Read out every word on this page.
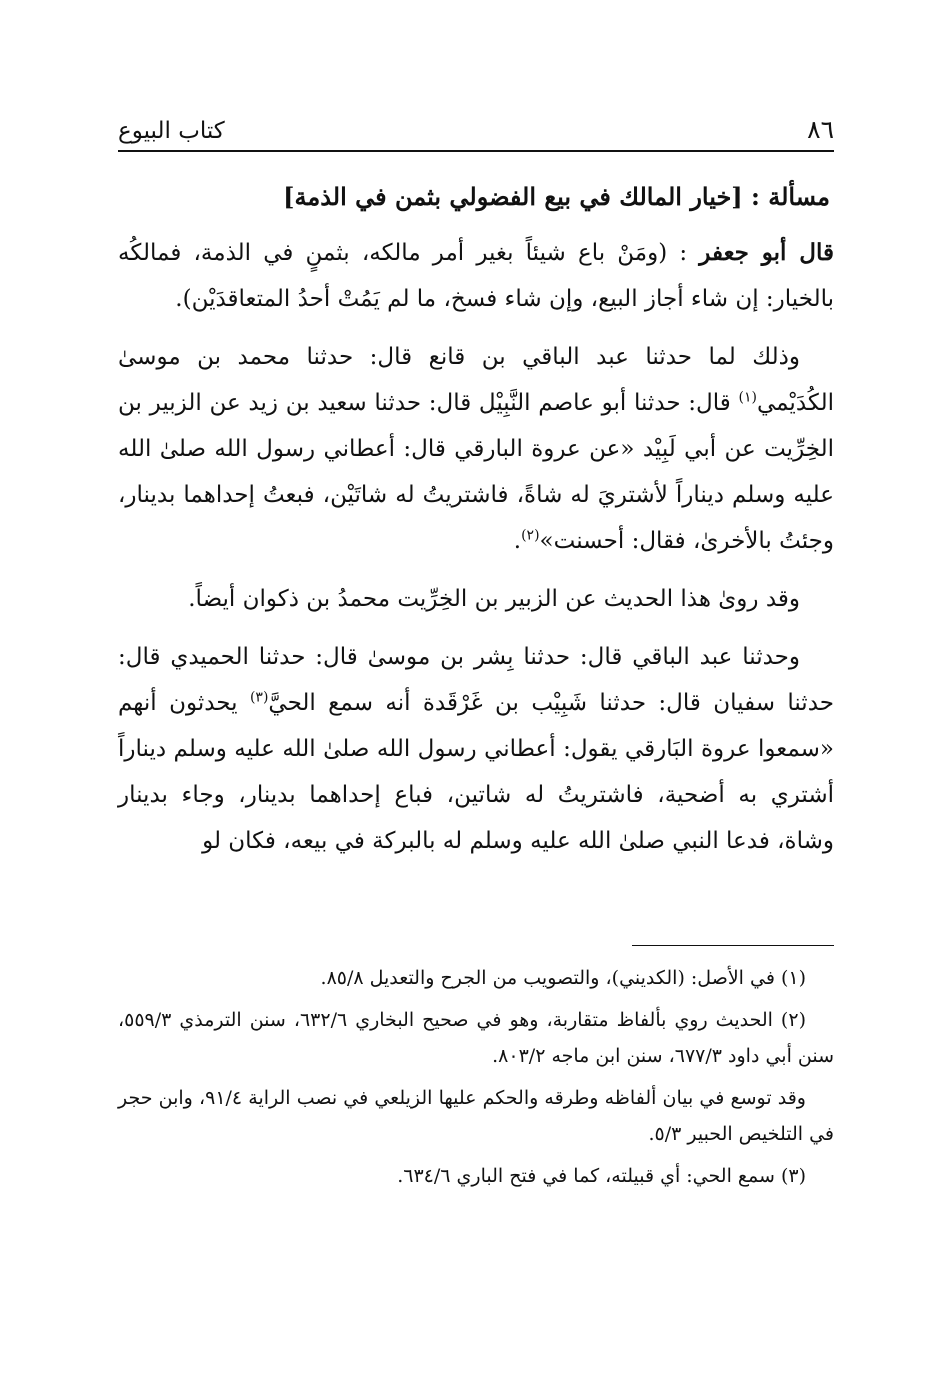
٨٦
كتاب البيوع
مسألة : [خيار المالك في بيع الفضولي بثمن في الذمة]

قال أبو جعفر : (ومَنْ باع شيئاً بغير أمر مالكه، بثمنٍ في الذمة، فمالكُه بالخيار: إن شاء أجاز البيع، وإن شاء فسخ، ما لم يَمُتْ أحدُ المتعاقدَيْن).

وذلك لما حدثنا عبد الباقي بن قانع قال: حدثنا محمد بن موسىٰ الكُدَيْمي$^{(١)}$ قال: حدثنا أبو عاصم النَّبِيْل قال: حدثنا سعيد بن زيد عن الزبير بن الخِرِّيت عن أبي لَبِيْد «عن عروة البارقي قال: أعطاني رسول الله صلىٰ الله عليه وسلم ديناراً لأشتريَ له شاةً، فاشتريتُ له شاتَيْن، فبعتُ إحداهما بدينار، وجئتُ بالأخرىٰ، فقال: أحسنت»$^{(٢)}$.

وقد روىٰ هذا الحديث عن الزبير بن الخِرِّيت محمدُ بن ذكوان أيضاً.

وحدثنا عبد الباقي قال: حدثنا بِشر بن موسىٰ قال: حدثنا الحميدي قال: حدثنا سفيان قال: حدثنا شَبِيْب بن غَرْقَدة أنه سمع الحيَّ$^{(٣)}$ يحدثون أنهم «سمعوا عروة البَارقي يقول: أعطاني رسول الله صلىٰ الله عليه وسلم ديناراً أشتري به أضحية، فاشتريتُ له شاتين، فباع إحداهما بدينار، وجاء بدينار وشاة، فدعا النبي صلىٰ الله عليه وسلم له بالبركة في بيعه، فكان لو

(١) في الأصل: (الكديني)، والتصويب من الجرح والتعديل ٨٥/٨.

(٢) الحديث روي بألفاظ متقاربة، وهو في صحيح البخاري ٦٣٢/٦، سنن الترمذي ٥٥٩/٣، سنن أبي داود ٦٧٧/٣، سنن ابن ماجه ٨٠٣/٢.

وقد توسع في بيان ألفاظه وطرقه والحكم عليها الزيلعي في نصب الراية ٩١/٤، وابن حجر في التلخيص الحبير ٥/٣.

(٣) سمع الحي: أي قبيلته، كما في فتح الباري ٦٣٤/٦.
